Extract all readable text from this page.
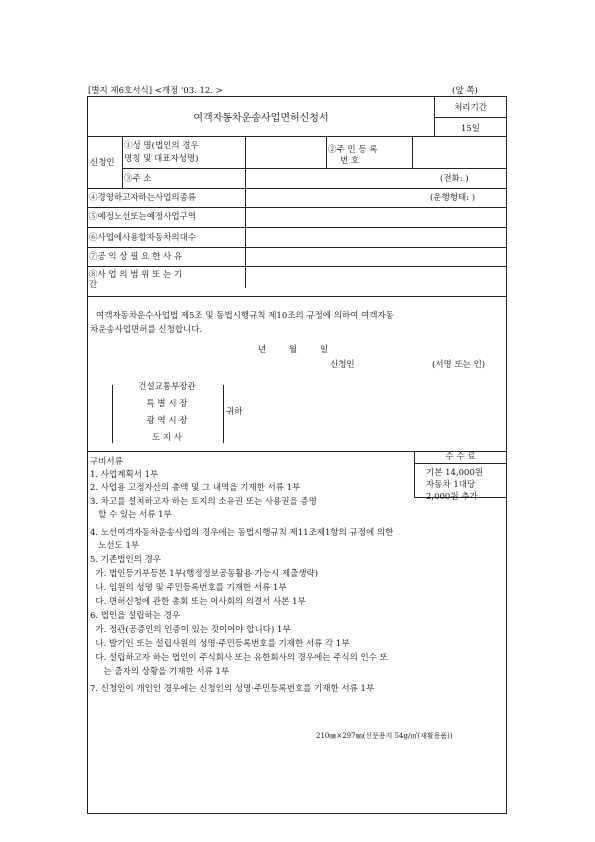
[별지 제6호서식] <개정 '03. 12. >	(앞 쪽)
여객자동차운송사업면허신청서
처리기간
15일
신청인
①성 명(법인의 경우
명칭 및 대표자성명)
②주 민 등 록
번 호
③주 소	(전화: )
④경영하고자하는사업의종류	(운행형태: )
⑤예정노선또는예정사업구역
⑥사업에사용할자동차의대수
⑦공 익 상 필 요 한 사 유
⑧사 업 의 범 위 또 는 기
간
여객자동차운수사업법 제5조 및 동법시행규칙 제10조의 규정에 의하여 여객자동
차운송사업면허를 신청합니다.
년 월 일
신청인	(서명 또는 인)
건설교통부장관
특 별 시 장
광 역 시 장
도 지 사
귀하
구비서류	수 수 료
기본 14,000원
자동차 1대당
2,000원 추가
1. 사업계획서 1부
2. 사업용 고정자산의 총액 및 그 내역을 기재한 서류 1부
3. 차고를 설치하고자 하는 토지의 소유권 또는 사용권을 증명
할 수 있는 서류 1부
4. 노선여객자동차운송사업의 경우에는 동법시행규칙 제11조제1항의 규정에 의한
노선도 1부
5. 기존법인의 경우
가. 법인등기부등본 1부(행정정보공동활용 가능시 제출생략)
나. 임원의 성명 및 주민등록번호를 기재한 서류 1부
다. 면허신청에 관한 총회 또는 이사회의 의결서 사본 1부
6. 법인을 설립하는 경우
가. 정관(공증인의 인증이 있는 것이어야 합니다) 1부
나. 발기인 또는 설립사원의 성명·주민등록번호를 기재한 서류 각 1부
다. 설립하고자 하는 법인이 주식회사 또는 유한회사의 경우에는 주식의 인수 또
는 출자의 상황을 기재한 서류 1부
7. 신청인이 개인인 경우에는 신청인의 성명·주민등록번호를 기재한 서류 1부
210㎜×297㎜(신문용지 54g/㎡(재활용품))
